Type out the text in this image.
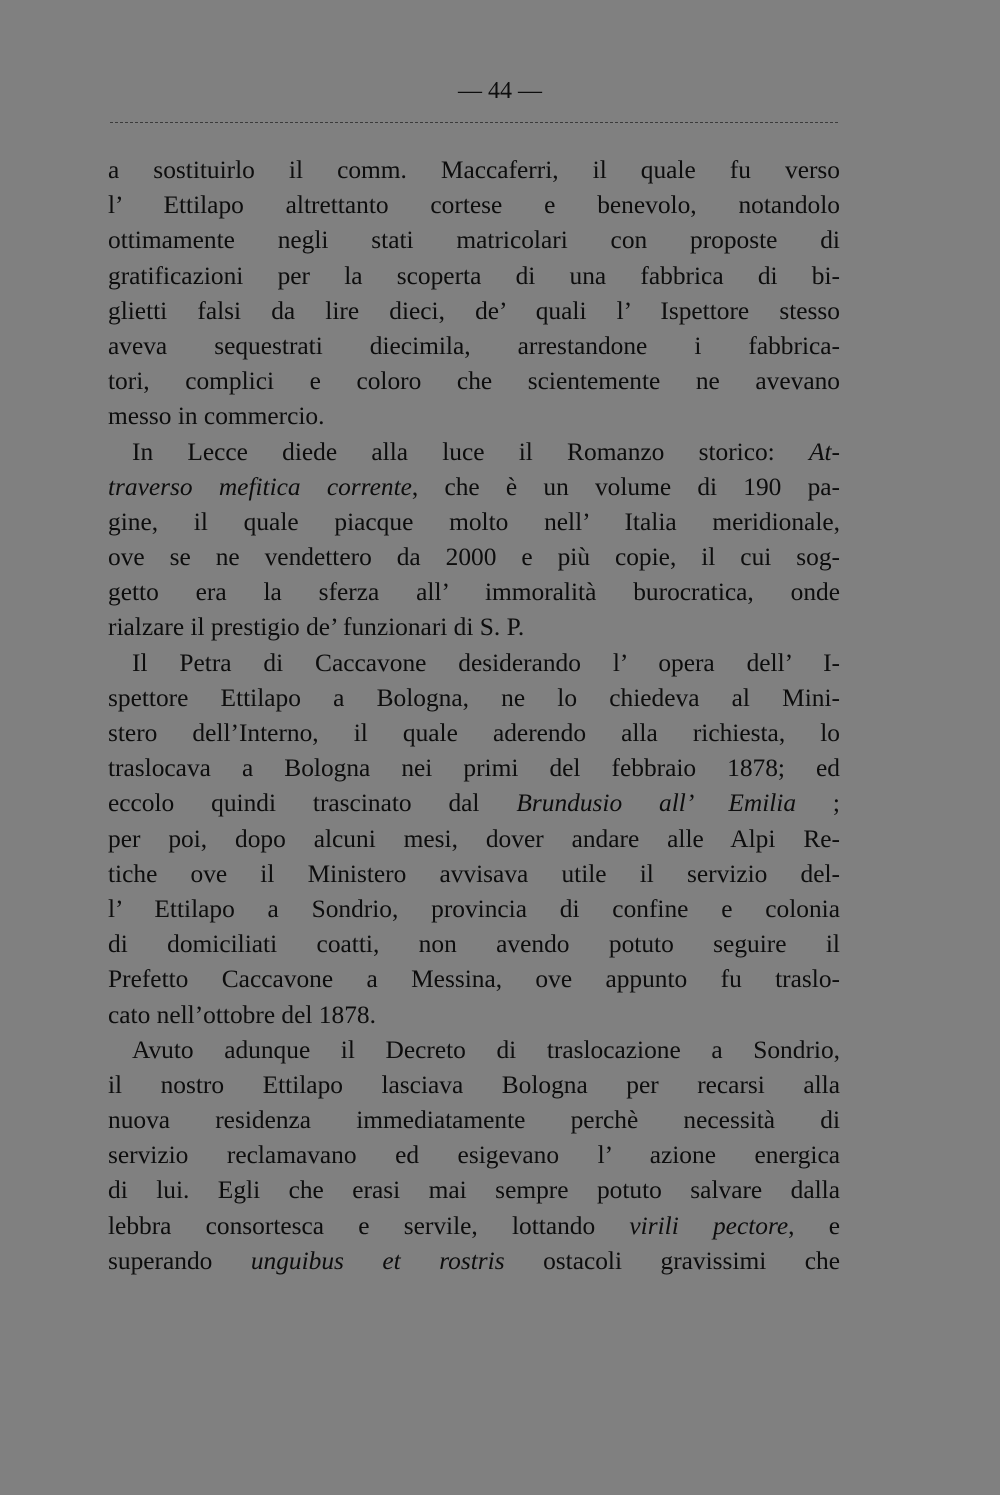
— 44 —
a sostituirlo il comm. Maccaferri, il quale fu verso
l’ Ettilapo altrettanto cortese e benevolo, notandolo
ottimamente negli stati matricolari con proposte di
gratificazioni per la scoperta di una fabbrica di bi-
glietti falsi da lire dieci, de’ quali l’ Ispettore stesso
aveva sequestrati diecimila, arrestandone i fabbrica-
tori, complici e coloro che scientemente ne avevano
messo in commercio.
In Lecce diede alla luce il Romanzo storico: At-
traverso mefitica corrente, che è un volume di 190 pa-
gine, il quale piacque molto nell’ Italia meridionale,
ove se ne vendettero da 2000 e più copie, il cui sog-
getto era la sferza all’ immoralità burocratica, onde
rialzare il prestigio de’ funzionari di S. P.
Il Petra di Caccavone desiderando l’ opera dell’ I-
spettore Ettilapo a Bologna, ne lo chiedeva al Mini-
stero dell’Interno, il quale aderendo alla richiesta, lo
traslocava a Bologna nei primi del febbraio 1878; ed
eccolo quindi trascinato dal Brundusio all’ Emilia ;
per poi, dopo alcuni mesi, dover andare alle Alpi Re-
tiche ove il Ministero avvisava utile il servizio del-
l’ Ettilapo a Sondrio, provincia di confine e colonia
di domiciliati coatti, non avendo potuto seguire il
Prefetto Caccavone a Messina, ove appunto fu traslo-
cato nell’ottobre del 1878.
Avuto adunque il Decreto di traslocazione a Sondrio,
il nostro Ettilapo lasciava Bologna per recarsi alla
nuova residenza immediatamente perchè necessità di
servizio reclamavano ed esigevano l’ azione energica
di lui. Egli che erasi mai sempre potuto salvare dalla
lebbra consortesca e servile, lottando virili pectore, e
superando unguibus et rostris ostacoli gravissimi che
